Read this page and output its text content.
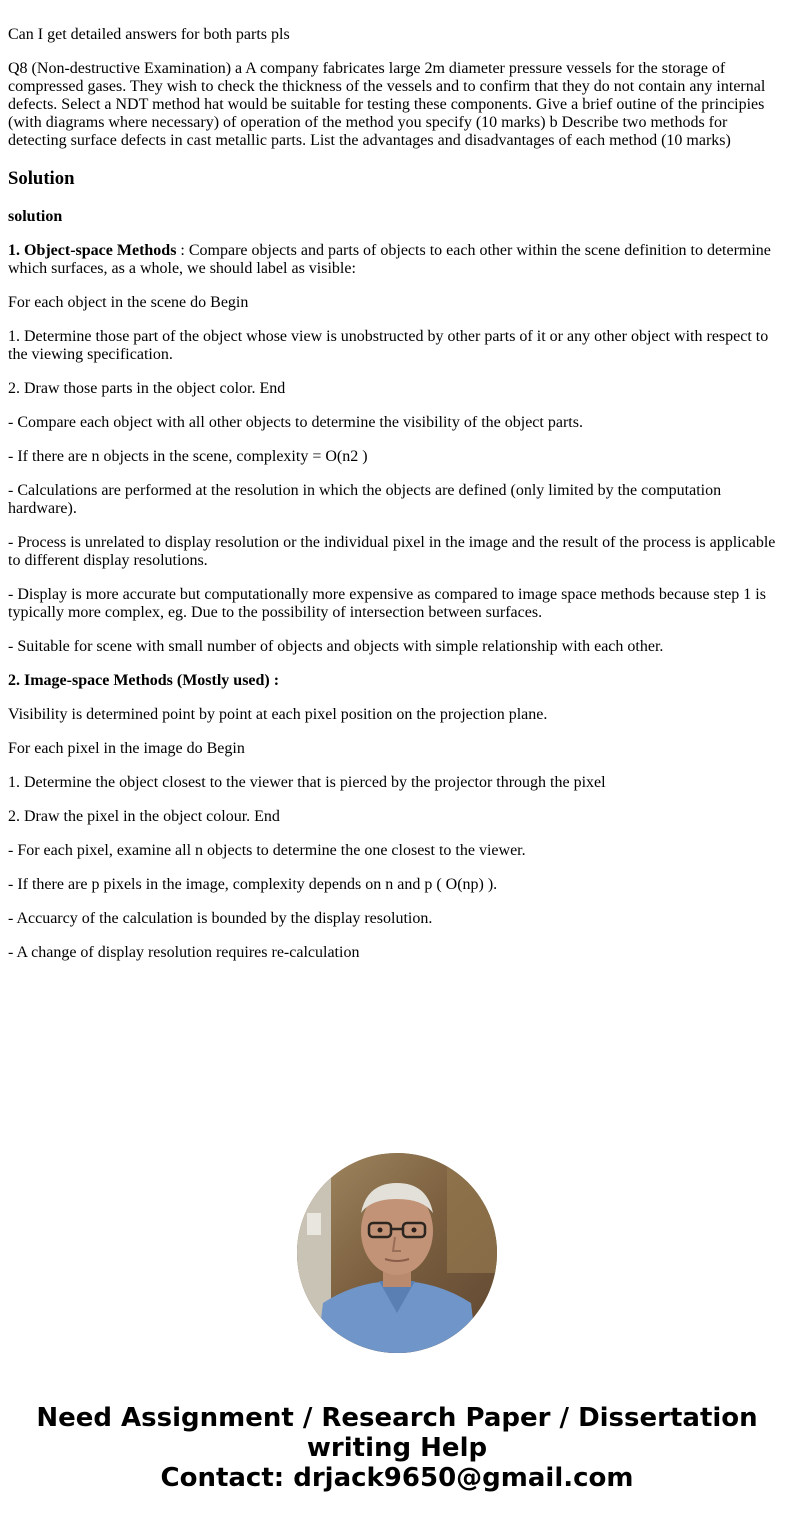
Can I get detailed answers for both parts pls

Q8 (Non-destructive Examination) a A company fabricates large 2m diameter pressure vessels for the storage of compressed gases. They wish to check the thickness of the vessels and to confirm that they do not contain any internal defects. Select a NDT method hat would be suitable for testing these components. Give a brief outine of the principies (with diagrams where necessary) of operation of the method you specify (10 marks) b Describe two methods for detecting surface defects in cast metallic parts. List the advantages and disadvantages of each method (10 marks)

Solution

solution

1. Object-space Methods : Compare objects and parts of objects to each other within the scene definition to determine which surfaces, as a whole, we should label as visible:

For each object in the scene do Begin

1. Determine those part of the object whose view is unobstructed by other parts of it or any other object with respect to the viewing specification.

2. Draw those parts in the object color. End

- Compare each object with all other objects to determine the visibility of the object parts.

- If there are n objects in the scene, complexity = O(n2 )

- Calculations are performed at the resolution in which the objects are defined (only limited by the computation hardware).

- Process is unrelated to display resolution or the individual pixel in the image and the result of the process is applicable to different display resolutions.

- Display is more accurate but computationally more expensive as compared to image space methods because step 1 is typically more complex, eg. Due to the possibility of intersection between surfaces.

- Suitable for scene with small number of objects and objects with simple relationship with each other.

2. Image-space Methods (Mostly used) :

Visibility is determined point by point at each pixel position on the projection plane.

For each pixel in the image do Begin

1. Determine the object closest to the viewer that is pierced by the projector through the pixel

2. Draw the pixel in the object colour. End

- For each pixel, examine all n objects to determine the one closest to the viewer.

- If there are p pixels in the image, complexity depends on n and p ( O(np) ).

- Accuarcy of the calculation is bounded by the display resolution.

- A change of display resolution requires re-calculation

Need Assignment / Research Paper / Dissertation
writing Help
Contact: drjack9650@gmail.com
